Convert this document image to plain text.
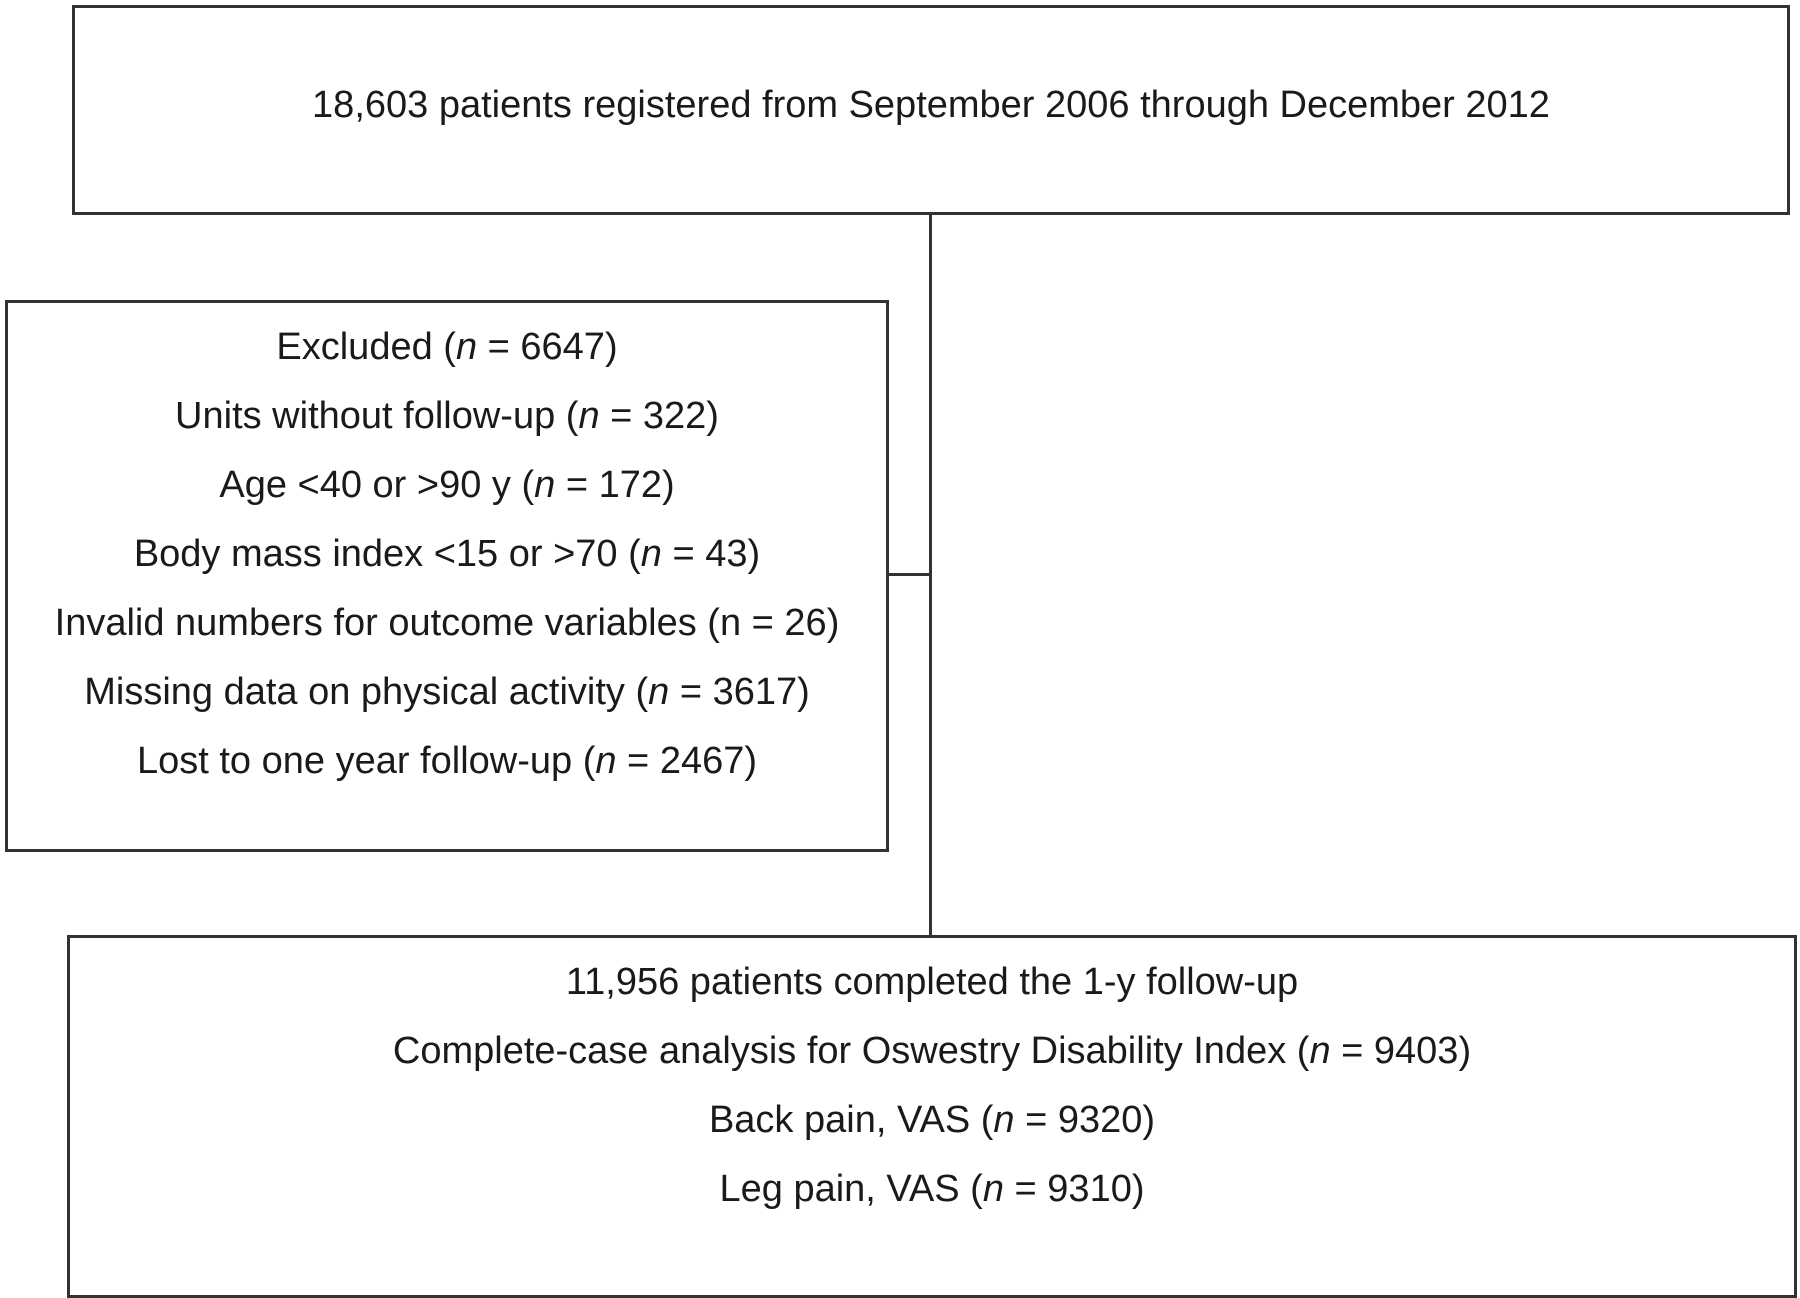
18,603 patients registered from September 2006 through December 2012
Excluded (n = 6647)
Units without follow-up (n = 322)
Age <40 or >90 y (n = 172)
Body mass index <15 or >70 (n = 43)
Invalid numbers for outcome variables (n = 26)
Missing data on physical activity (n = 3617)
Lost to one year follow-up (n = 2467)
11,956 patients completed the 1-y follow-up
Complete-case analysis for Oswestry Disability Index (n = 9403)
Back pain, VAS (n = 9320)
Leg pain, VAS (n = 9310)
